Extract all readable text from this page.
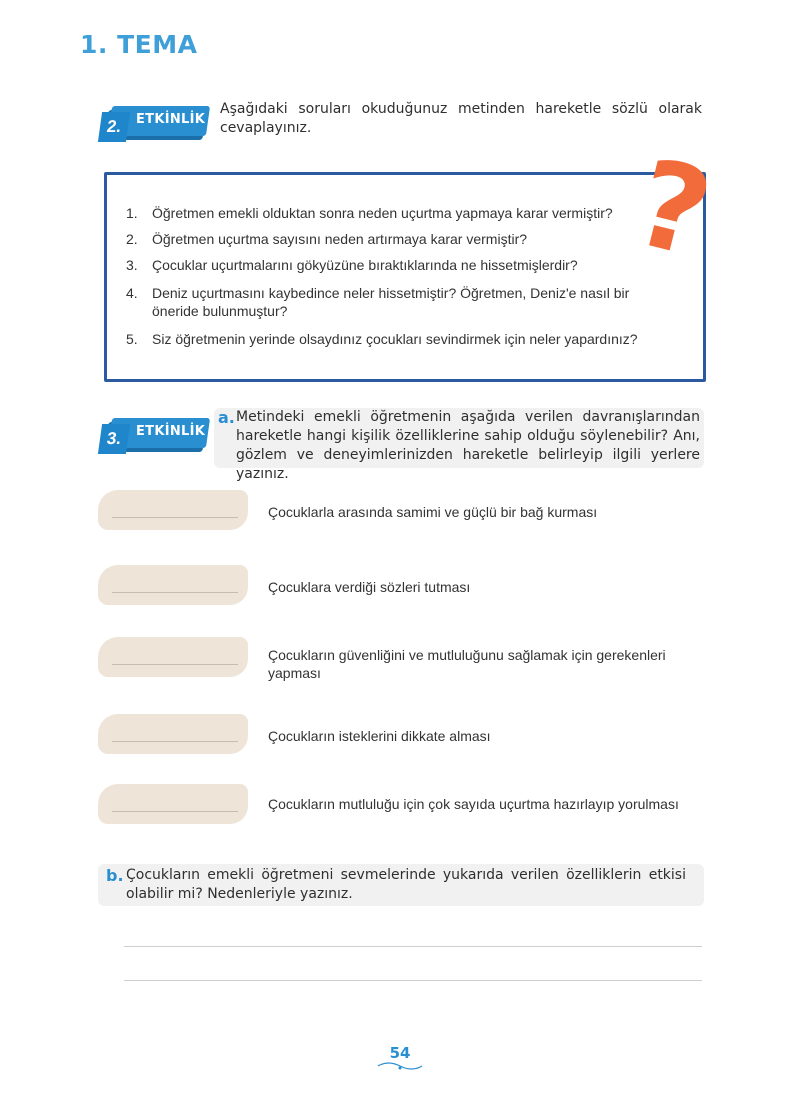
1. TEMA
2.	ETKİNLİK
Aşağıdaki soruları okuduğunuz metinden hareketle sözlü olarak cevaplayınız.
?
1.	Öğretmen emekli olduktan sonra neden uçurtma yapmaya karar vermiştir?
2.	Öğretmen uçurtma sayısını neden artırmaya karar vermiştir?
3.	Çocuklar uçurtmalarını gökyüzüne bıraktıklarında ne hissetmişlerdir?
4.	Deniz uçurtmasını kaybedince neler hissetmiştir? Öğretmen, Deniz'e nasıl bir öneride bulunmuştur?
5.	Siz öğretmenin yerinde olsaydınız çocukları sevindirmek için neler yapardınız?
3.	ETKİNLİK
a. Metindeki emekli öğretmenin aşağıda verilen davranışlarından hareketle hangi kişilik özelliklerine sahip olduğu söylenebilir? Anı, gözlem ve deneyimlerinizden hareketle belirleyip ilgili yerlere yazınız.
Çocuklarla arasında samimi ve güçlü bir bağ kurması
Çocuklara verdiği sözleri tutması
Çocukların güvenliğini ve mutluluğunu sağlamak için gerekenleri yapması
Çocukların isteklerini dikkate alması
Çocukların mutluluğu için çok sayıda uçurtma hazırlayıp yorulması
b. Çocukların emekli öğretmeni sevmelerinde yukarıda verilen özelliklerin etkisi olabilir mi? Nedenleriyle yazınız.
54
